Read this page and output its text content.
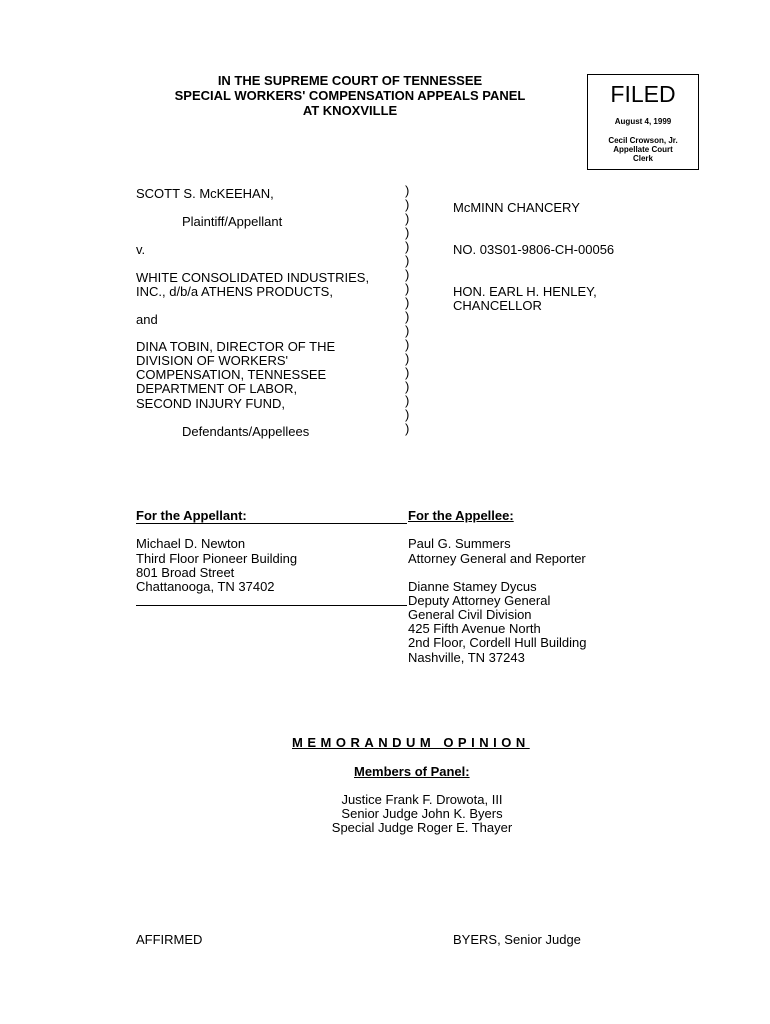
IN THE SUPREME COURT OF TENNESSEE
SPECIAL WORKERS' COMPENSATION APPEALS PANEL
AT KNOXVILLE
FILED
August 4, 1999
Cecil Crowson, Jr.
Appellate Court
Clerk
SCOTT S. McKEEHAN,
Plaintiff/Appellant
v.
WHITE CONSOLIDATED INDUSTRIES,
INC., d/b/a ATHENS PRODUCTS,
and
DINA TOBIN, DIRECTOR OF THE
DIVISION OF WORKERS'
COMPENSATION, TENNESSEE
DEPARTMENT OF LABOR,
SECOND INJURY FUND,
Defendants/Appellees
)
)
)
)
)
)
)
)
)
)
)
)
)
)
)
)
)
)
McMINN CHANCERY
NO. 03S01-9806-CH-00056
HON. EARL H. HENLEY,
CHANCELLOR
For the Appellant:	For the Appellee:
Michael D. Newton
Third Floor Pioneer Building
801 Broad Street
Chattanooga, TN 37402
Paul G. Summers
Attorney General and Reporter
Dianne Stamey Dycus
Deputy Attorney General
General Civil Division
425 Fifth Avenue North
2nd Floor, Cordell Hull Building
Nashville, TN 37243
MEMORANDUM OPINION
Members of Panel:
Justice Frank F. Drowota, III
Senior Judge John K. Byers
Special Judge Roger E. Thayer
AFFIRMED	BYERS, Senior Judge
